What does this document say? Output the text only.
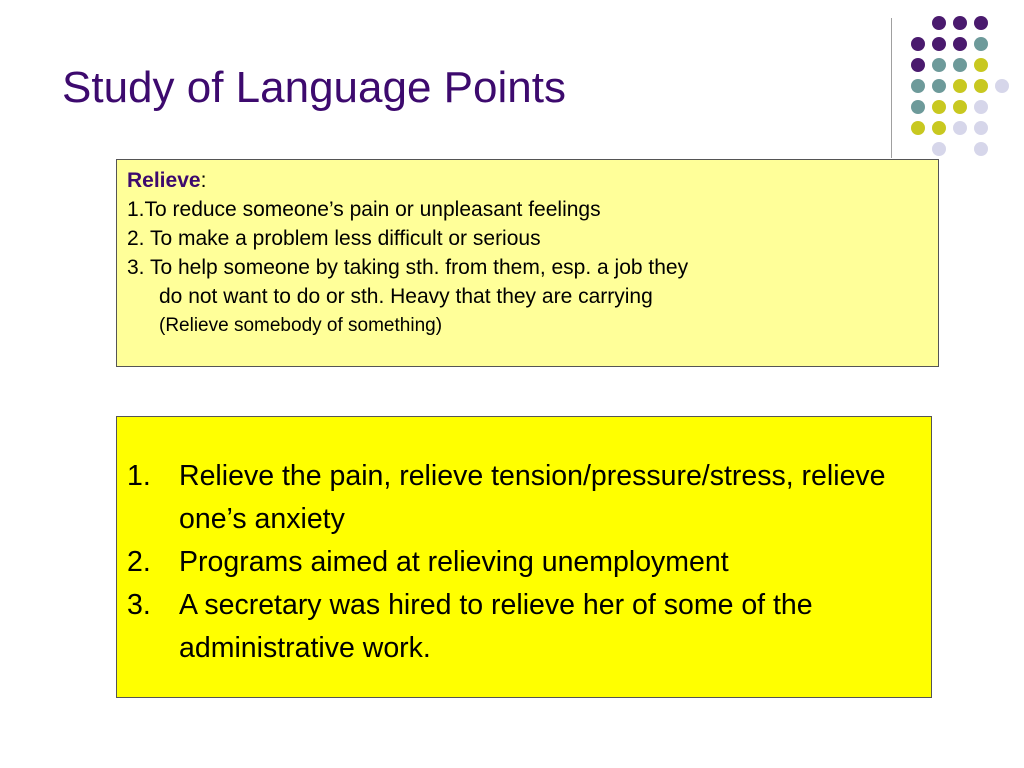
Study of Language Points
Relieve:
1.To reduce someone’s pain or unpleasant feelings
2. To make a problem less difficult or serious
3. To help someone by taking sth. from them, esp. a job they
do not want to do or sth. Heavy that they are carrying
(Relieve somebody of something)
1. Relieve the pain, relieve tension/pressure/stress, relieve one’s anxiety
2. Programs aimed at relieving unemployment
3. A secretary was hired to relieve her of some of the administrative work.
